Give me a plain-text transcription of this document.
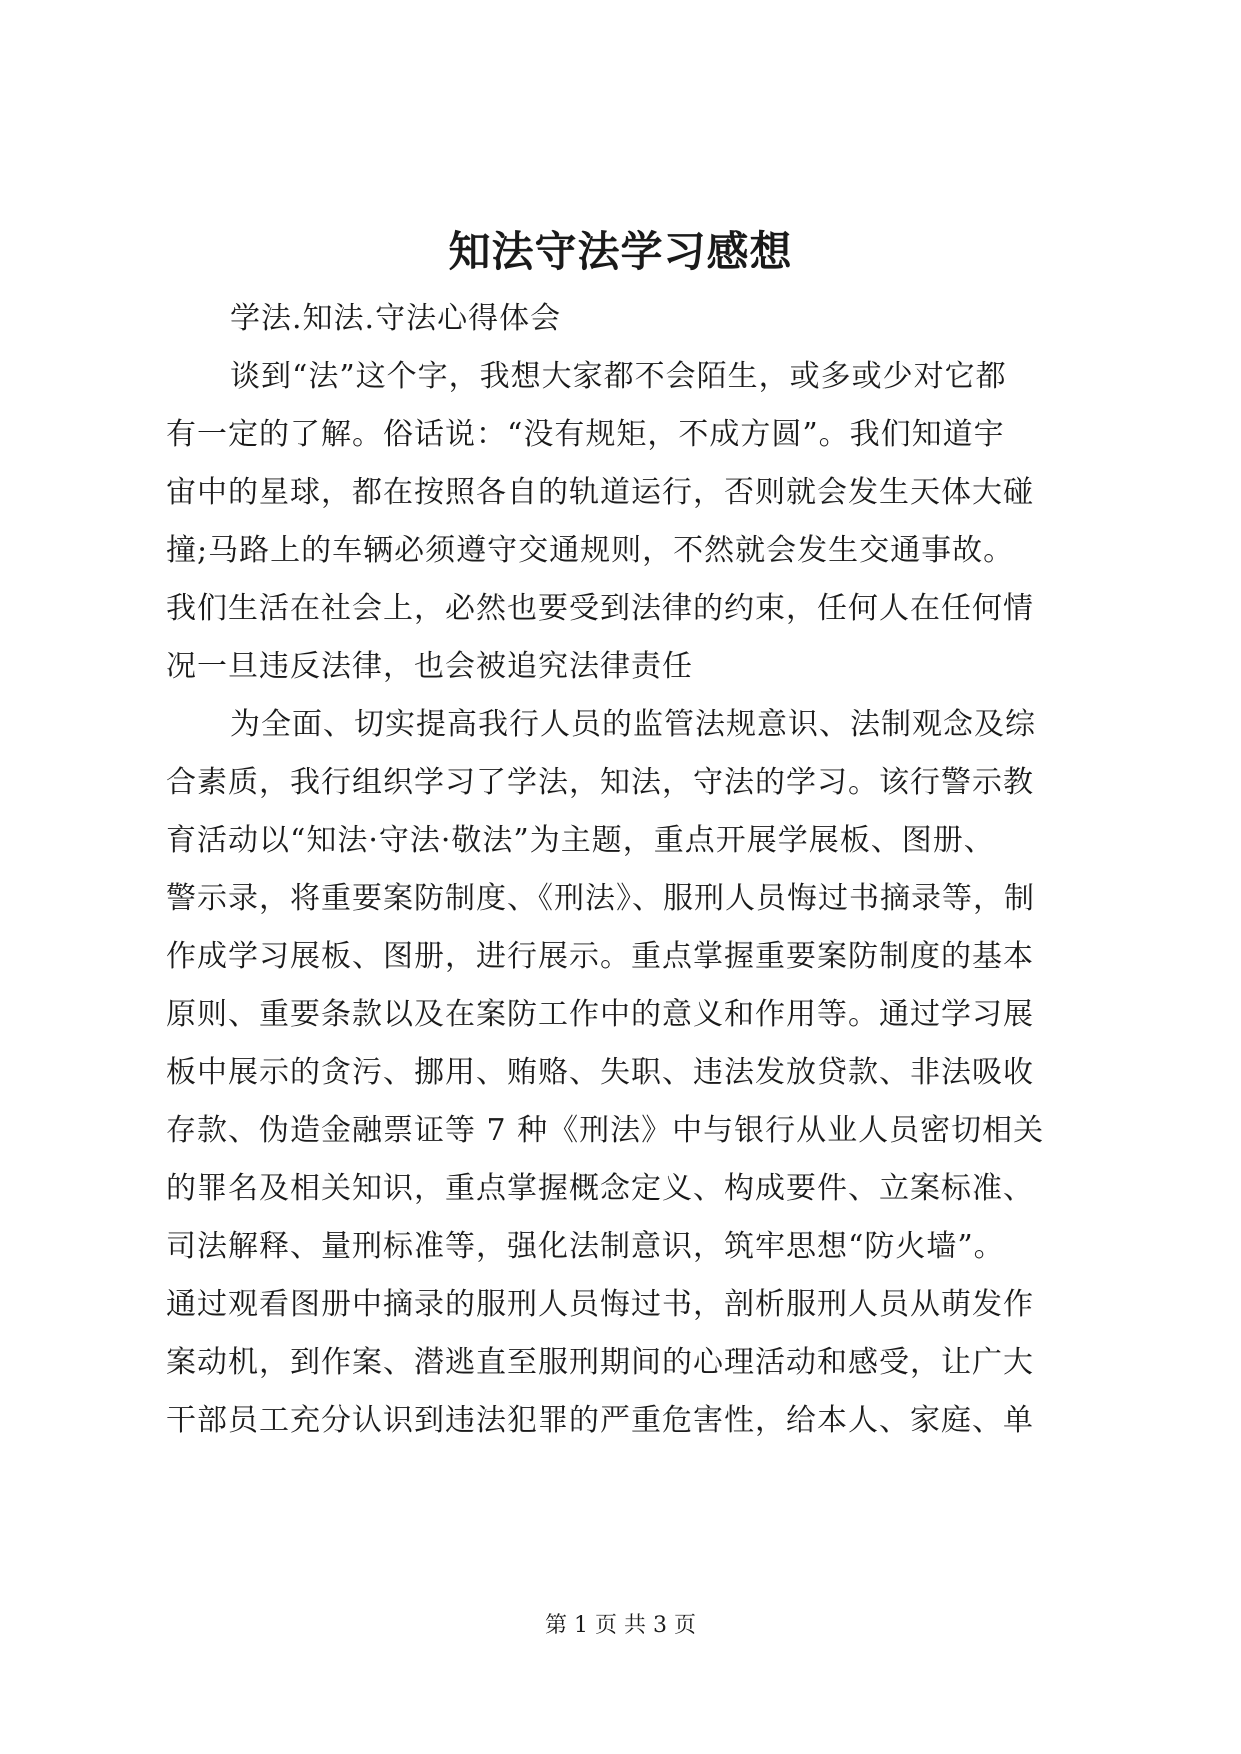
知法守法学习感想
学法.知法.守法心得体会
谈到“法”这个字，我想大家都不会陌生，或多或少对它都
有一定的了解。俗话说：“没有规矩，不成方圆”。我们知道宇
宙中的星球，都在按照各自的轨道运行，否则就会发生天体大碰
撞;马路上的车辆必须遵守交通规则，不然就会发生交通事故。
我们生活在社会上，必然也要受到法律的约束，任何人在任何情
况一旦违反法律，也会被追究法律责任
为全面、切实提高我行人员的监管法规意识、法制观念及综
合素质，我行组织学习了学法，知法，守法的学习。该行警示教
育活动以“知法·守法·敬法”为主题，重点开展学展板、图册、
警示录，将重要案防制度、《刑法》、服刑人员悔过书摘录等，制
作成学习展板、图册，进行展示。重点掌握重要案防制度的基本
原则、重要条款以及在案防工作中的意义和作用等。通过学习展
板中展示的贪污、挪用、贿赂、失职、违法发放贷款、非法吸收
存款、伪造金融票证等 7 种《刑法》中与银行从业人员密切相关
的罪名及相关知识，重点掌握概念定义、构成要件、立案标准、
司法解释、量刑标准等，强化法制意识，筑牢思想“防火墙”。
通过观看图册中摘录的服刑人员悔过书，剖析服刑人员从萌发作
案动机，到作案、潜逃直至服刑期间的心理活动和感受，让广大
干部员工充分认识到违法犯罪的严重危害性，给本人、家庭、单
第 1 页 共 3 页
